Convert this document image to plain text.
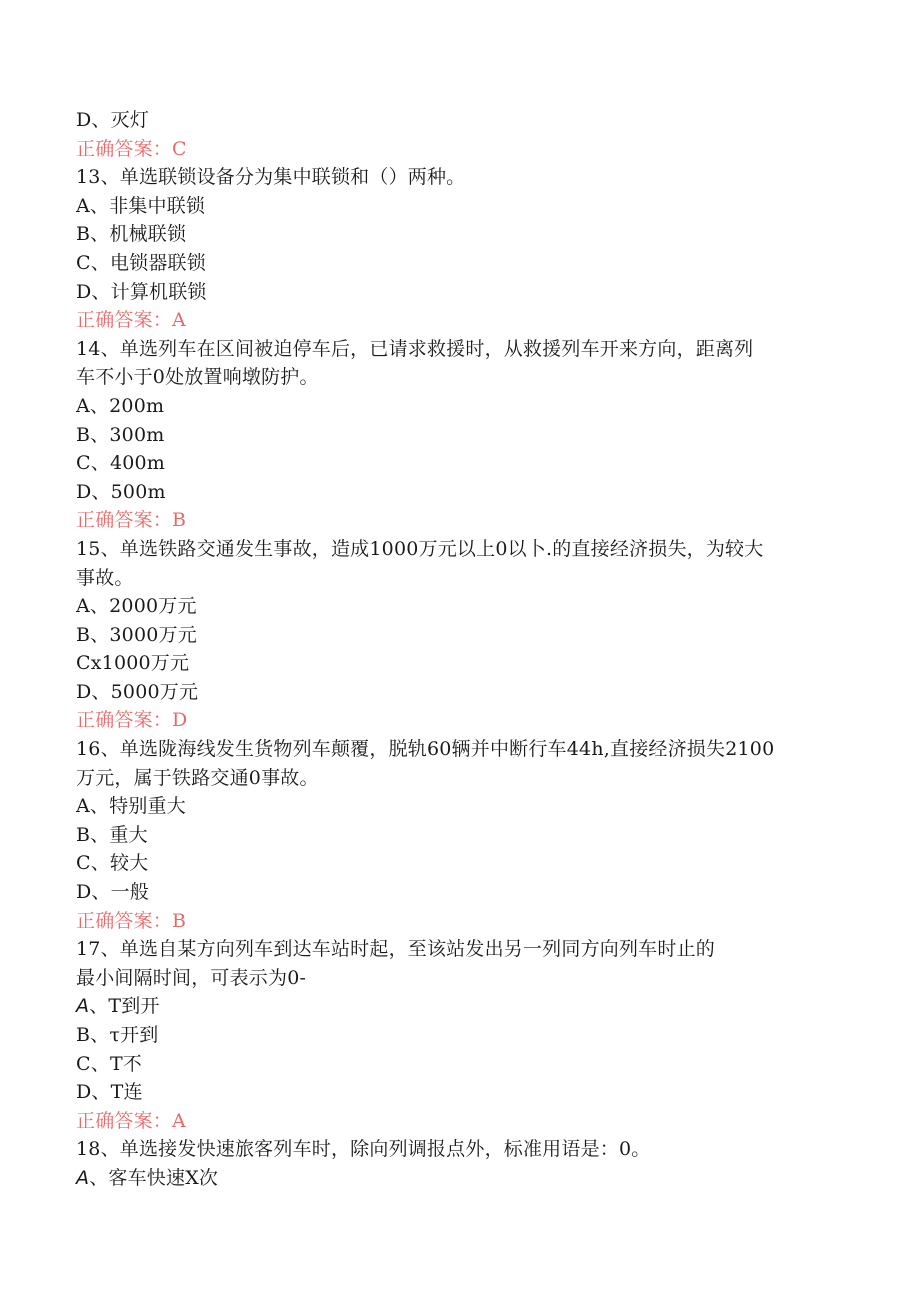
D、灭灯
正确答案：C
13、单选联锁设备分为集中联锁和（）两种。
A、非集中联锁
B、机械联锁
C、电锁器联锁
D、计算机联锁
正确答案：A
14、单选列车在区间被迫停车后，已请求救援时，从救援列车开来方向，距离列
车不小于0处放置响墩防护。
A、200m
B、300m
C、400m
D、500m
正确答案：B
15、单选铁路交通发生事故，造成1000万元以上0以卜.的直接经济损失，为较大
事故。
A、2000万元
B、3000万元
Cx1000万元
D、5000万元
正确答案：D
16、单选陇海线发生货物列车颠覆，脱轨60辆并中断行车44h,直接经济损失2100
万元，属于铁路交通0事故。
A、特别重大
B、重大
C、较大
D、一般
正确答案：B
17、单选自某方向列车到达车站时起，至该站发出另一列同方向列车时止的
最小间隔时间，可表示为0-
A、T到开
B、τ开到
C、T不
D、T连
正确答案：A
18、单选接发快速旅客列车时，除向列调报点外，标准用语是：0。
A、客车快速X次
